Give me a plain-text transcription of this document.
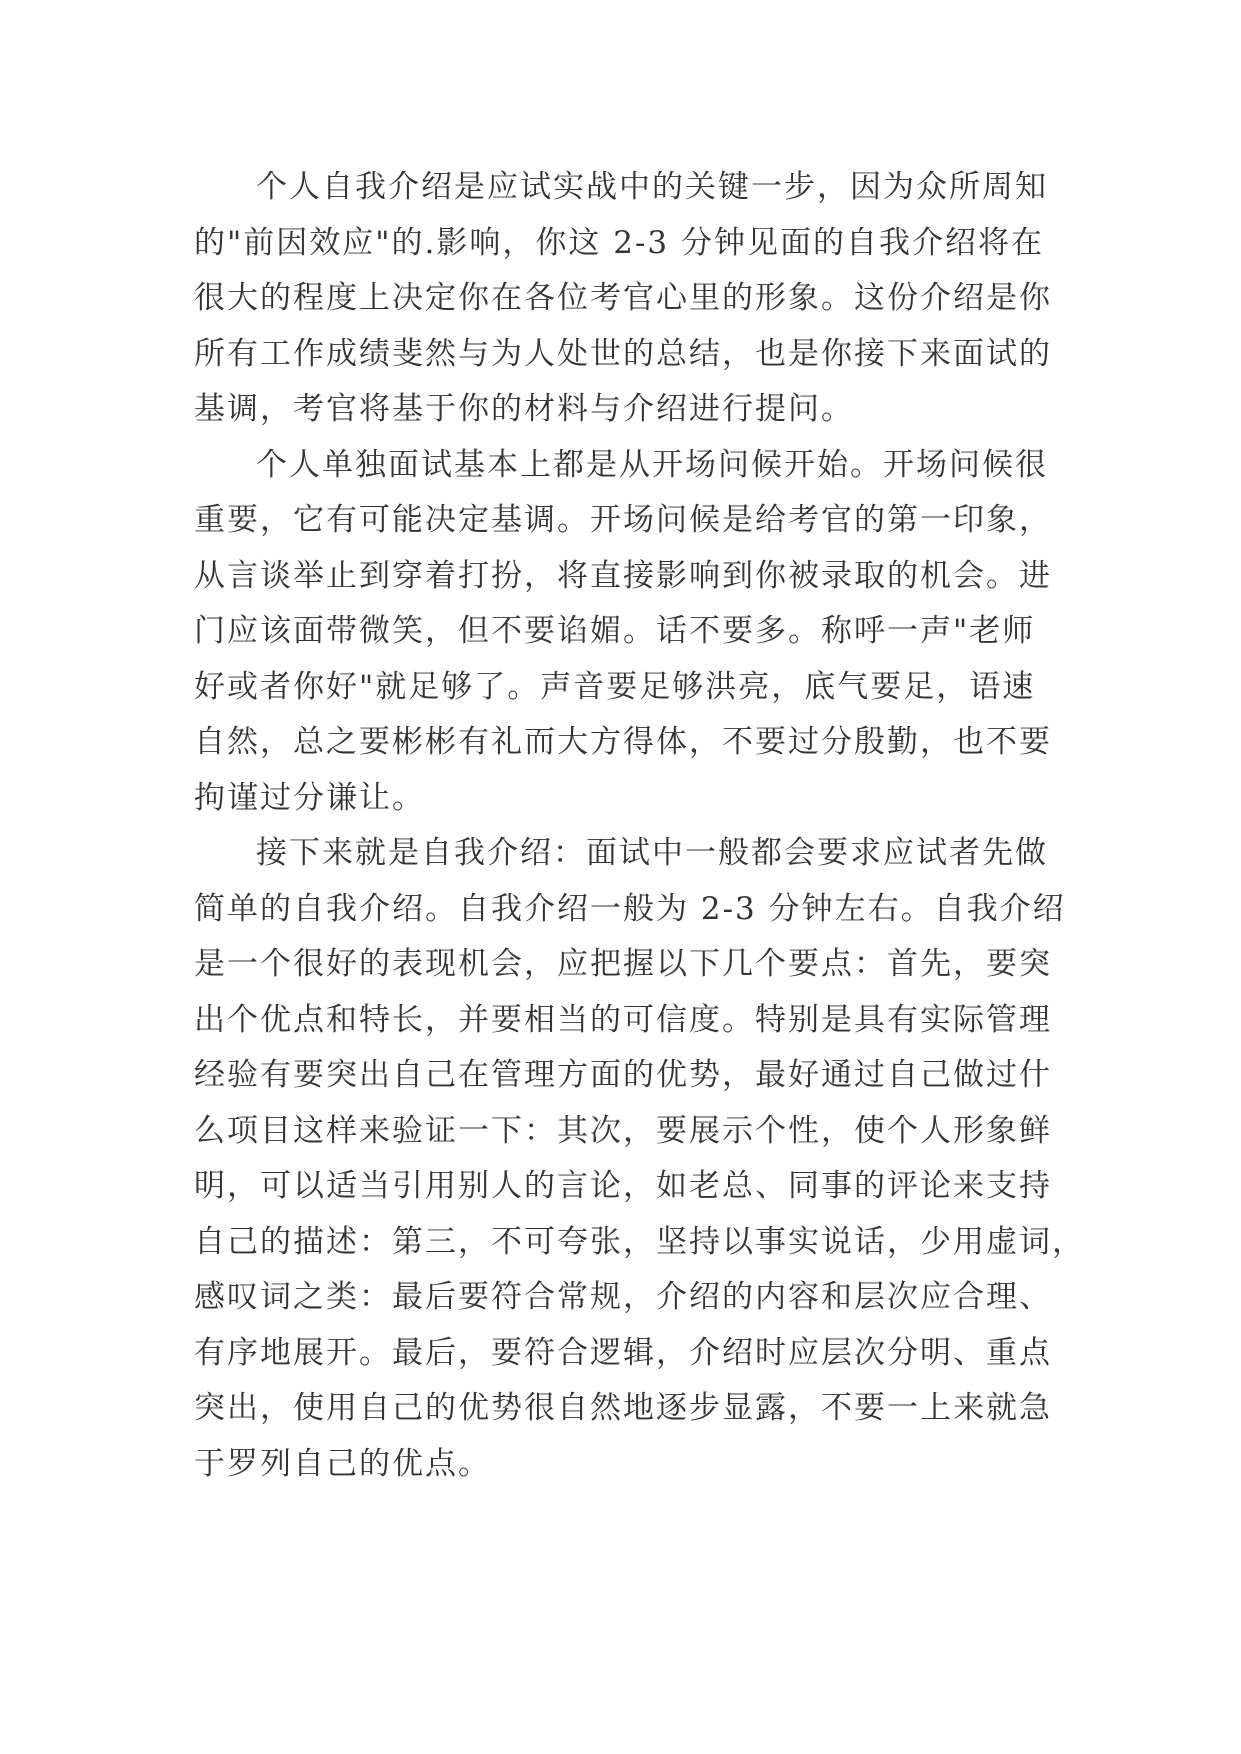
个人自我介绍是应试实战中的关键一步，因为众所周知
的"前因效应"的.影响，你这 2-3 分钟见面的自我介绍将在
很大的程度上决定你在各位考官心里的形象。这份介绍是你
所有工作成绩斐然与为人处世的总结，也是你接下来面试的
基调，考官将基于你的材料与介绍进行提问。
个人单独面试基本上都是从开场问候开始。开场问候很
重要，它有可能决定基调。开场问候是给考官的第一印象，
从言谈举止到穿着打扮，将直接影响到你被录取的机会。进
门应该面带微笑，但不要谄媚。话不要多。称呼一声"老师
好或者你好"就足够了。声音要足够洪亮，底气要足，语速
自然，总之要彬彬有礼而大方得体，不要过分殷勤，也不要
拘谨过分谦让。
接下来就是自我介绍：面试中一般都会要求应试者先做
简单的自我介绍。自我介绍一般为 2-3 分钟左右。自我介绍
是一个很好的表现机会，应把握以下几个要点：首先，要突
出个优点和特长，并要相当的可信度。特别是具有实际管理
经验有要突出自己在管理方面的优势，最好通过自己做过什
么项目这样来验证一下：其次，要展示个性，使个人形象鲜
明，可以适当引用别人的言论，如老总、同事的评论来支持
自己的描述：第三，不可夸张，坚持以事实说话，少用虚词，
感叹词之类：最后要符合常规，介绍的内容和层次应合理、
有序地展开。最后，要符合逻辑，介绍时应层次分明、重点
突出，使用自己的优势很自然地逐步显露，不要一上来就急
于罗列自己的优点。
